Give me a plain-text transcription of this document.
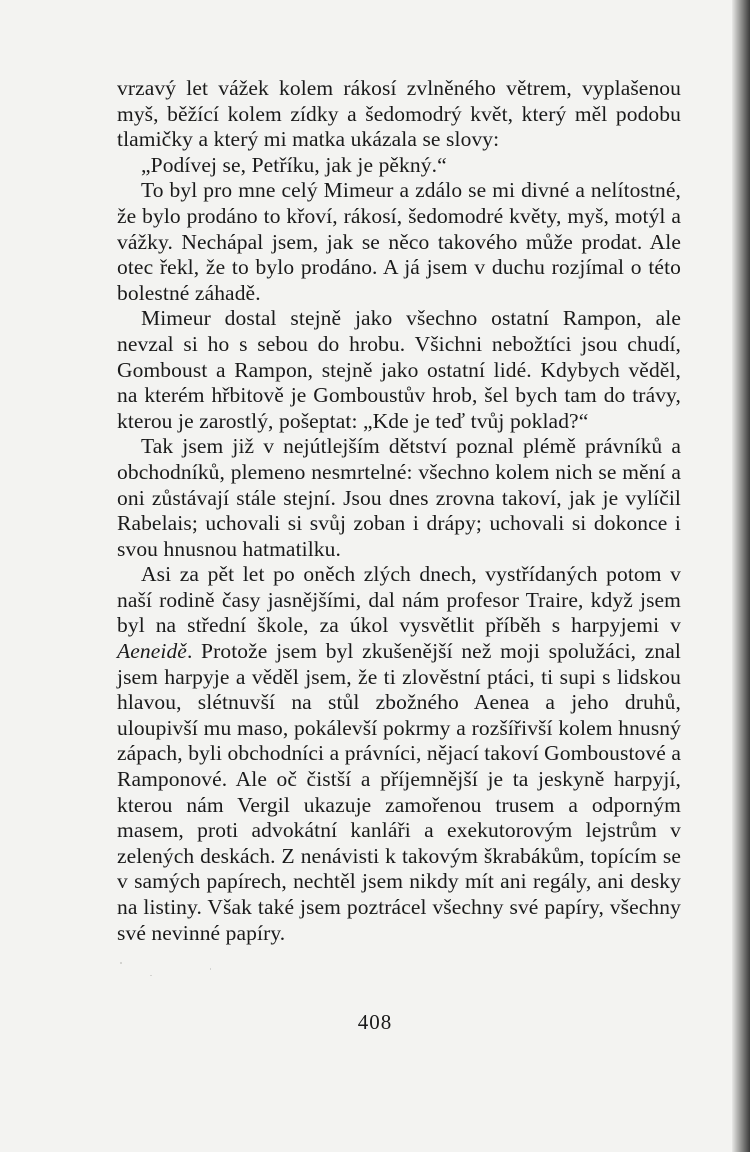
vrzavý let vážek kolem rákosí zvlněného větrem, vyplašenou myš, běžící kolem zídky a šedomodrý květ, který měl podobu tlamičky a který mi matka ukázala se slovy:

„Podívej se, Petříku, jak je pěkný.“

To byl pro mne celý Mimeur a zdálo se mi divné a nelítostné, že bylo prodáno to křoví, rákosí, šedomodré květy, myš, motýl a vážky. Nechápal jsem, jak se něco takového může prodat. Ale otec řekl, že to bylo prodáno. A já jsem v duchu rozjímal o této bolestné záhadě.

Mimeur dostal stejně jako všechno ostatní Rampon, ale nevzal si ho s sebou do hrobu. Všichni nebožtíci jsou chudí, Gomboust a Rampon, stejně jako ostatní lidé. Kdybych věděl, na kterém hřbitově je Gomboustův hrob, šel bych tam do trávy, kterou je zarostlý, pošeptat: „Kde je teď tvůj poklad?“

Tak jsem již v nejútlejším dětství poznal plémě právníků a obchodníků, plemeno nesmrtelné: všechno kolem nich se mění a oni zůstávají stále stejní. Jsou dnes zrovna takoví, jak je vylíčil Rabelais; uchovali si svůj zoban i drápy; uchovali si dokonce i svou hnusnou hatmatilku.

Asi za pět let po oněch zlých dnech, vystřídaných potom v naší rodině časy jasnějšími, dal nám profesor Traire, když jsem byl na střední škole, za úkol vysvětlit příběh s harpyjemi v Aeneidě. Protože jsem byl zkušenější než moji spolužáci, znal jsem harpyje a věděl jsem, že ti zlověstní ptáci, ti supi s lidskou hlavou, slétnuvší na stůl zbožného Aenea a jeho druhů, uloupivší mu maso, pokálevší pokrmy a rozšířivší kolem hnusný zápach, byli obchodníci a právníci, nějací takoví Gomboustové a Ramponové. Ale oč čistší a příjemnější je ta jeskyně harpyjí, kterou nám Vergil ukazuje zamořenou trusem a odporným masem, proti advokátní kanláři a exekutorovým lejstrům v zelených deskách. Z nenávisti k takovým škrabákům, topícím se v samých papírech, nechtěl jsem nikdy mít ani regály, ani desky na listiny. Však také jsem poztrácel všechny své papíry, všechny své nevinné papíry.

408
